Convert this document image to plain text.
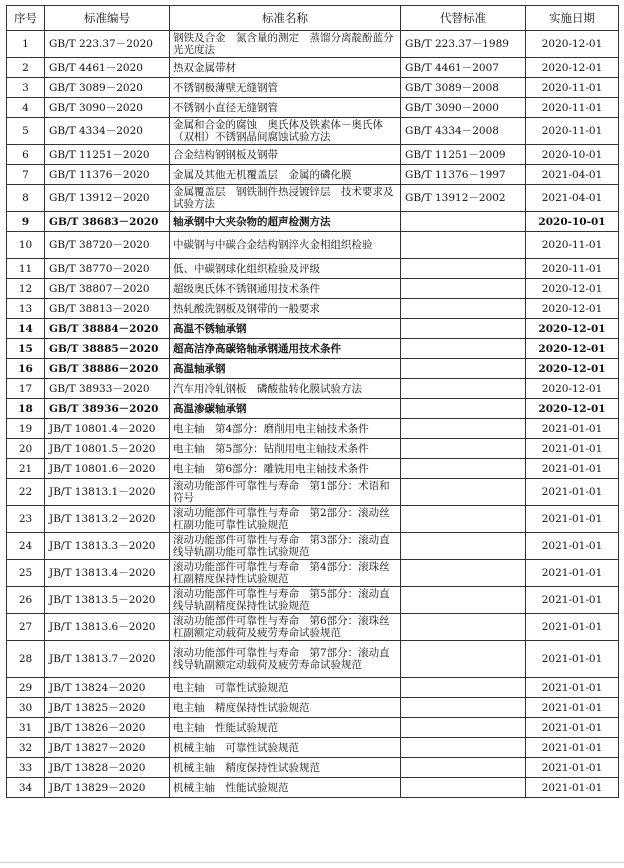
序号	标准编号	标准名称	代替标准	实施日期
1	GB/T 223.37－2020	钢铁及合金　氮含量的测定　蒸馏分离靛酚蓝分光光度法	GB/T 223.37－1989	2020-12-01
2	GB/T 4461－2020	热双金属带材	GB/T 4461－2007	2020-12-01
3	GB/T 3089－2020	不锈钢极薄壁无缝钢管	GB/T 3089－2008	2020-11-01
4	GB/T 3090－2020	不锈钢小直径无缝钢管	GB/T 3090－2000	2020-11-01
5	GB/T 4334－2020	金属和合金的腐蚀　奥氏体及铁素体－奥氏体（双相）不锈钢晶间腐蚀试验方法	GB/T 4334－2008	2020-11-01
6	GB/T 11251－2020	合金结构钢钢板及钢带	GB/T 11251－2009	2020-10-01
7	GB/T 11376－2020	金属及其他无机覆盖层　金属的磷化膜	GB/T 11376－1997	2021-04-01
8	GB/T 13912－2020	金属覆盖层　钢铁制件热浸镀锌层　技术要求及试验方法	GB/T 13912－2002	2021-04-01
9	GB/T 38683－2020	轴承钢中大夹杂物的超声检测方法		2020-10-01
10	GB/T 38720－2020	中碳钢与中碳合金结构钢淬火金相组织检验		2020-11-01
11	GB/T 38770－2020	低、中碳钢球化组织检验及评级		2020-11-01
12	GB/T 38807－2020	超级奥氏体不锈钢通用技术条件		2020-12-01
13	GB/T 38813－2020	热轧酸洗钢板及钢带的一般要求		2020-12-01
14	GB/T 38884－2020	高温不锈轴承钢		2020-12-01
15	GB/T 38885－2020	超高洁净高碳铬轴承钢通用技术条件		2020-12-01
16	GB/T 38886－2020	高温轴承钢		2020-12-01
17	GB/T 38933－2020	汽车用冷轧钢板　磷酸盐转化膜试验方法		2020-12-01
18	GB/T 38936－2020	高温渗碳轴承钢		2020-12-01
19	JB/T 10801.4－2020	电主轴　第4部分：磨削用电主轴技术条件		2021-01-01
20	JB/T 10801.5－2020	电主轴　第5部分：钻削用电主轴技术条件		2021-01-01
21	JB/T 10801.6－2020	电主轴　第6部分：雕铣用电主轴技术条件		2021-01-01
22	JB/T 13813.1－2020	滚动功能部件可靠性与寿命　第1部分：术语和符号		2021-01-01
23	JB/T 13813.2－2020	滚动功能部件可靠性与寿命　第2部分：滚动丝杠副功能可靠性试验规范		2021-01-01
24	JB/T 13813.3－2020	滚动功能部件可靠性与寿命　第3部分：滚动直线导轨副功能可靠性试验规范		2021-01-01
25	JB/T 13813.4－2020	滚动功能部件可靠性与寿命　第4部分：滚珠丝杠副精度保持性试验规范		2021-01-01
26	JB/T 13813.5－2020	滚动功能部件可靠性与寿命　第5部分：滚动直线导轨副精度保持性试验规范		2021-01-01
27	JB/T 13813.6－2020	滚动功能部件可靠性与寿命　第6部分：滚珠丝杠副额定动载荷及疲劳寿命试验规范		2021-01-01
28	JB/T 13813.7－2020	滚动功能部件可靠性与寿命　第7部分：滚动直线导轨副额定动载荷及疲劳寿命试验规范		2021-01-01
29	JB/T 13824－2020	电主轴　可靠性试验规范		2021-01-01
30	JB/T 13825－2020	电主轴　精度保持性试验规范		2021-01-01
31	JB/T 13826－2020	电主轴　性能试验规范		2021-01-01
32	JB/T 13827－2020	机械主轴　可靠性试验规范		2021-01-01
33	JB/T 13828－2020	机械主轴　精度保持性试验规范		2021-01-01
34	JB/T 13829－2020	机械主轴　性能试验规范		2021-01-01
